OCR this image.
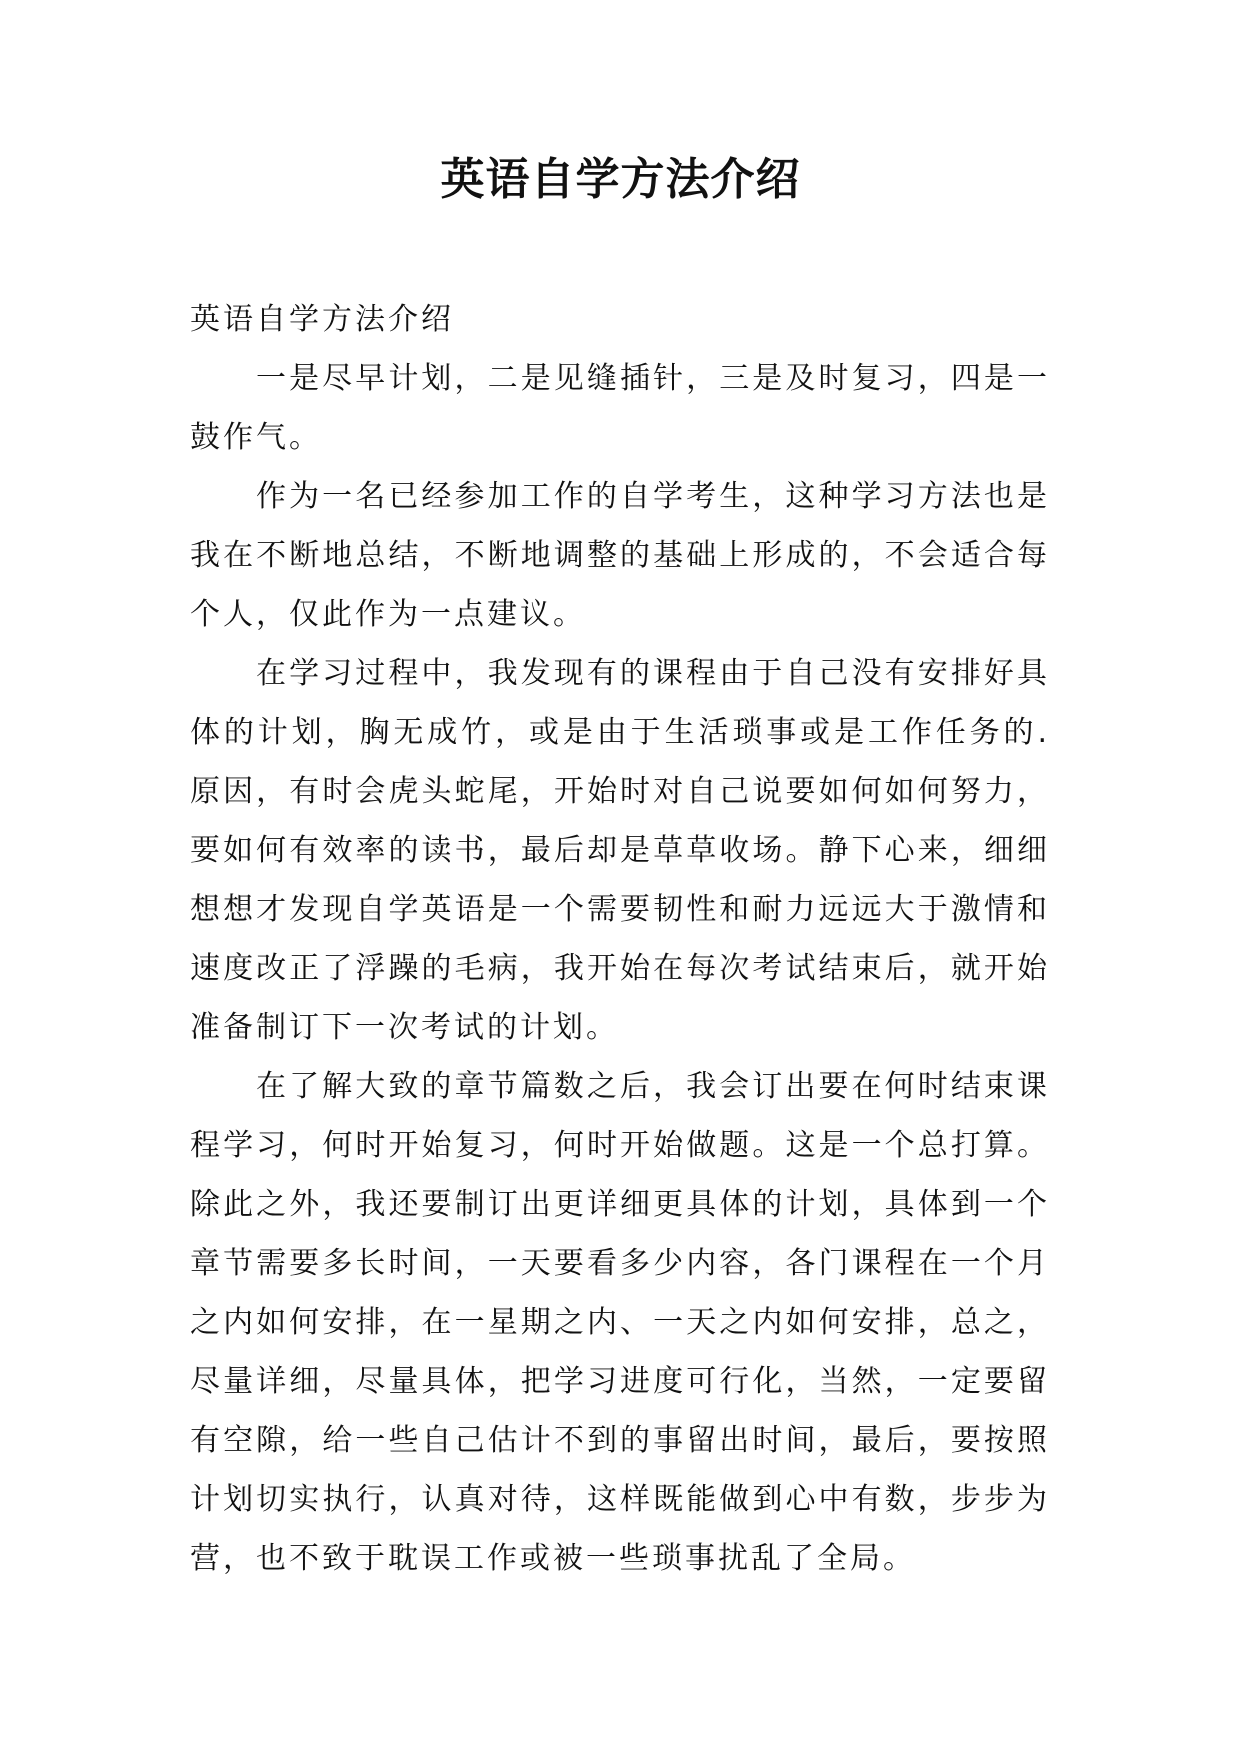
英语自学方法介绍

英语自学方法介绍

一是尽早计划，二是见缝插针，三是及时复习，四是一鼓作气。

作为一名已经参加工作的自学考生，这种学习方法也是我在不断地总结，不断地调整的基础上形成的，不会适合每个人，仅此作为一点建议。

在学习过程中，我发现有的课程由于自己没有安排好具体的计划，胸无成竹，或是由于生活琐事或是工作任务的.原因，有时会虎头蛇尾，开始时对自己说要如何如何努力，要如何有效率的读书，最后却是草草收场。静下心来，细细想想才发现自学英语是一个需要韧性和耐力远远大于激情和速度改正了浮躁的毛病，我开始在每次考试结束后，就开始准备制订下一次考试的计划。

在了解大致的章节篇数之后，我会订出要在何时结束课程学习，何时开始复习，何时开始做题。这是一个总打算。除此之外，我还要制订出更详细更具体的计划，具体到一个章节需要多长时间，一天要看多少内容，各门课程在一个月之内如何安排，在一星期之内、一天之内如何安排，总之，尽量详细，尽量具体，把学习进度可行化，当然，一定要留有空隙，给一些自己估计不到的事留出时间，最后，要按照计划切实执行，认真对待，这样既能做到心中有数，步步为营，也不致于耽误工作或被一些琐事扰乱了全局。
